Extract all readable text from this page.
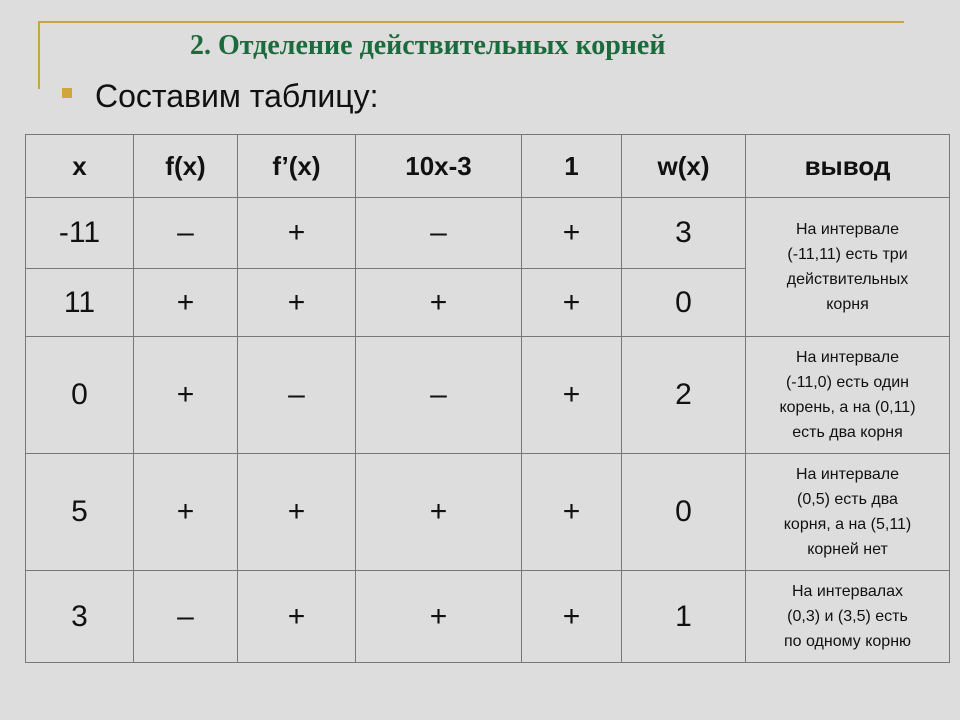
2. Отделение действительных корней
Составим таблицу:
x	f(x)	f’(x)	10x-3	1	w(x)	вывод
-11	–	+	–	+	3	На интервале
(-11,11) есть три
действительных
корня

11	+	+	+	+	0	
0	+	–	–	+	2	На интервале
(-11,0) есть один
корень, а на (0,11)
есть два корня

5	+	+	+	+	0	На интервале
(0,5) есть два
корня, а на (5,11)
корней нет

3	–	+	+	+	1	На интервалах
(0,3) и (3,5) есть
по одному корню
